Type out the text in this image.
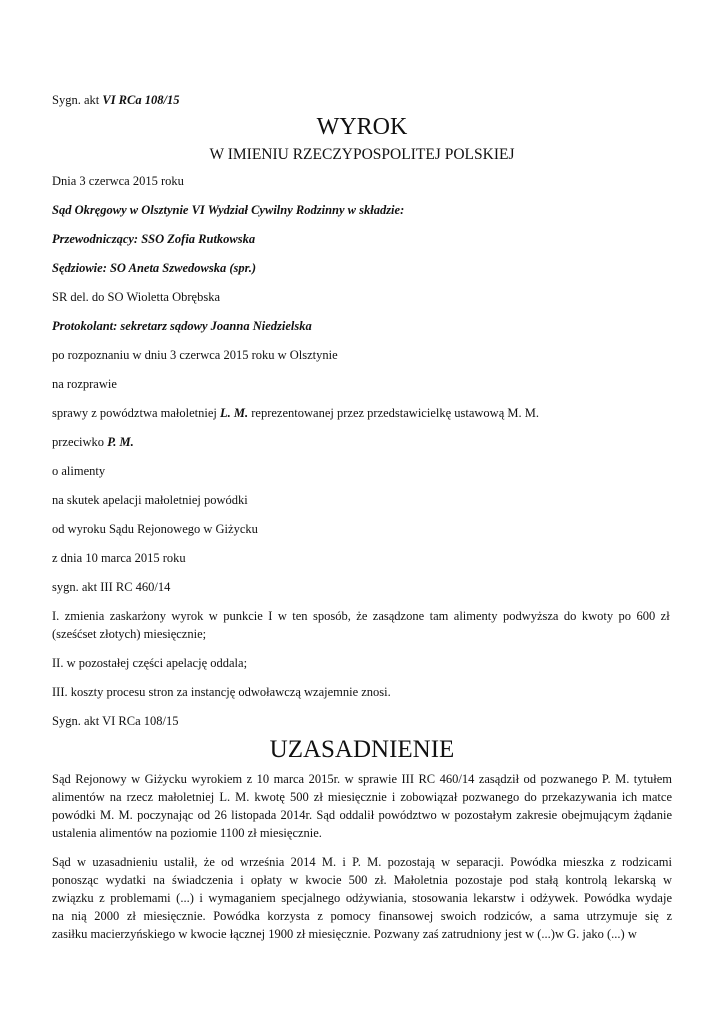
Sygn. akt VI RCa 108/15
WYROK
W IMIENIU RZECZYPOSPOLITEJ POLSKIEJ
Dnia 3 czerwca 2015 roku
Sąd Okręgowy w Olsztynie VI Wydział Cywilny Rodzinny w składzie:
Przewodniczący: SSO Zofia Rutkowska
Sędziowie: SO Aneta Szwedowska (spr.)
SR del. do SO Wioletta Obrębska
Protokolant: sekretarz sądowy Joanna Niedzielska
po rozpoznaniu w dniu 3 czerwca 2015 roku w Olsztynie
na rozprawie
sprawy z powództwa małoletniej L. M. reprezentowanej przez przedstawicielkę ustawową M. M.
przeciwko P. M.
o alimenty
na skutek apelacji małoletniej powódki
od wyroku Sądu Rejonowego w Giżycku
z dnia 10 marca 2015 roku
sygn. akt III RC 460/14
I. zmienia zaskarżony wyrok w punkcie I w ten sposób, że zasądzone tam alimenty podwyższa do kwoty po 600 zł
(sześćset złotych) miesięcznie;
II. w pozostałej części apelację oddala;
III. koszty procesu stron za instancję odwoławczą wzajemnie znosi.
Sygn. akt VI RCa 108/15
UZASADNIENIE
Sąd Rejonowy w Giżycku wyrokiem z 10 marca 2015r. w sprawie III RC 460/14 zasądził od pozwanego P. M. tytułem
alimentów na rzecz małoletniej L. M. kwotę 500 zł miesięcznie i zobowiązał pozwanego do przekazywania ich matce
powódki M. M. poczynając od 26 listopada 2014r. Sąd oddalił powództwo w pozostałym zakresie obejmującym żądanie
ustalenia alimentów na poziomie 1100 zł miesięcznie.
Sąd w uzasadnieniu ustalił, że od września 2014 M. i P. M. pozostają w separacji. Powódka mieszka z rodzicami
ponosząc wydatki na świadczenia i opłaty w kwocie 500 zł. Małoletnia pozostaje pod stałą kontrolą lekarską w
związku z problemami (...) i wymaganiem specjalnego odżywiania, stosowania lekarstw i odżywek. Powódka wydaje
na nią 2000 zł miesięcznie. Powódka korzysta z pomocy finansowej swoich rodziców, a sama utrzymuje się z
zasiłku macierzyńskiego w kwocie łącznej 1900 zł miesięcznie. Pozwany zaś zatrudniony jest w (...)w G. jako (...) w
